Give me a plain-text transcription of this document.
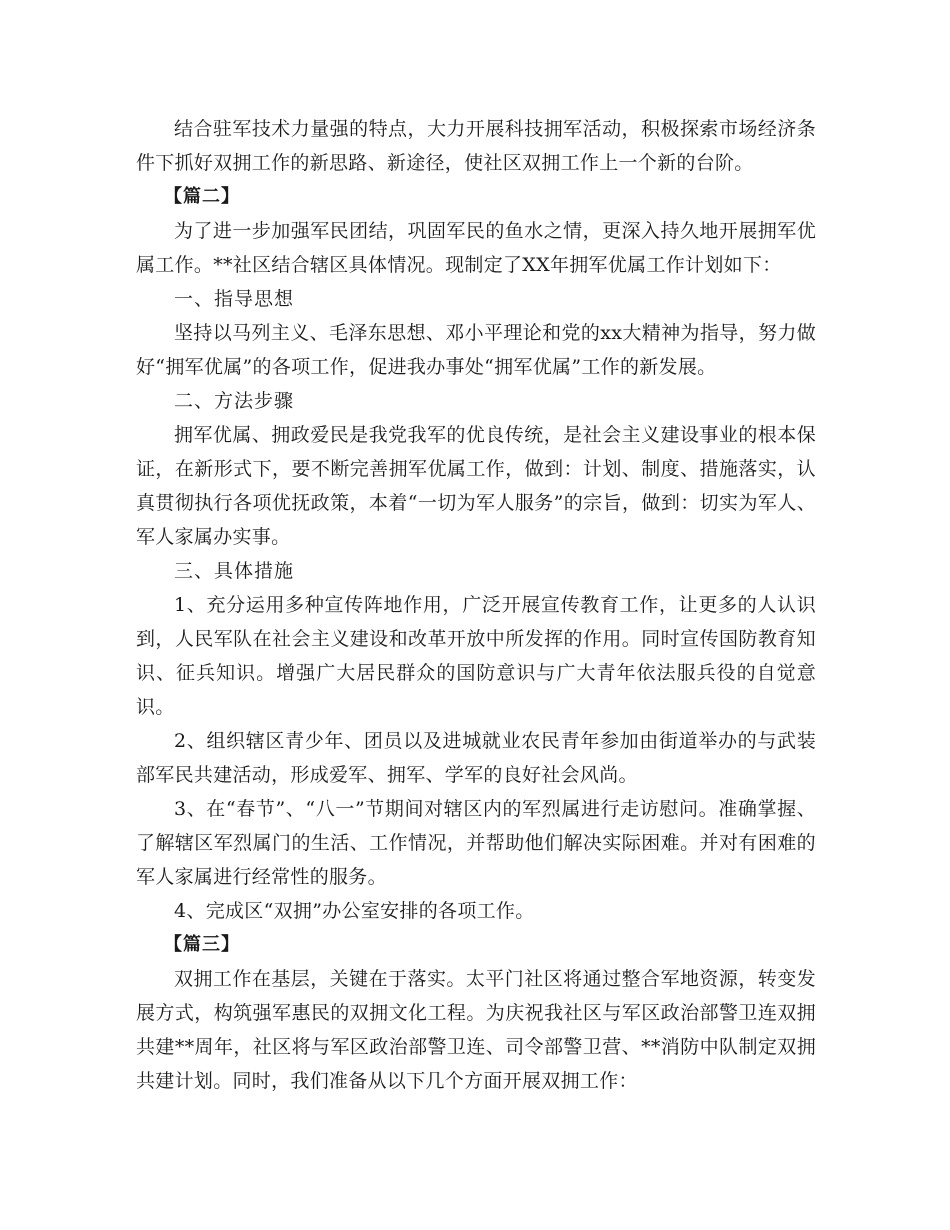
结合驻军技术力量强的特点，大力开展科技拥军活动，积极探索市场经济条件下抓好双拥工作的新思路、新途径，使社区双拥工作上一个新的台阶。

【篇二】

为了进一步加强军民团结，巩固军民的鱼水之情，更深入持久地开展拥军优属工作。**社区结合辖区具体情况。现制定了XX年拥军优属工作计划如下：

一、指导思想

坚持以马列主义、毛泽东思想、邓小平理论和党的xx大精神为指导，努力做好“拥军优属”的各项工作，促进我办事处“拥军优属”工作的新发展。

二、方法步骤

拥军优属、拥政爱民是我党我军的优良传统，是社会主义建设事业的根本保证，在新形式下，要不断完善拥军优属工作，做到：计划、制度、措施落实，认真贯彻执行各项优抚政策，本着“一切为军人服务”的宗旨，做到：切实为军人、军人家属办实事。

三、具体措施

1、充分运用多种宣传阵地作用，广泛开展宣传教育工作，让更多的人认识到，人民军队在社会主义建设和改革开放中所发挥的作用。同时宣传国防教育知识、征兵知识。增强广大居民群众的国防意识与广大青年依法服兵役的自觉意识。

2、组织辖区青少年、团员以及进城就业农民青年参加由街道举办的与武装部军民共建活动，形成爱军、拥军、学军的良好社会风尚。

3、在“春节”、“八一”节期间对辖区内的军烈属进行走访慰问。准确掌握、了解辖区军烈属门的生活、工作情况，并帮助他们解决实际困难。并对有困难的军人家属进行经常性的服务。

4、完成区“双拥”办公室安排的各项工作。

【篇三】

双拥工作在基层，关键在于落实。太平门社区将通过整合军地资源，转变发展方式，构筑强军惠民的双拥文化工程。为庆祝我社区与军区政治部警卫连双拥共建**周年，社区将与军区政治部警卫连、司令部警卫营、**消防中队制定双拥共建计划。同时，我们准备从以下几个方面开展双拥工作：
